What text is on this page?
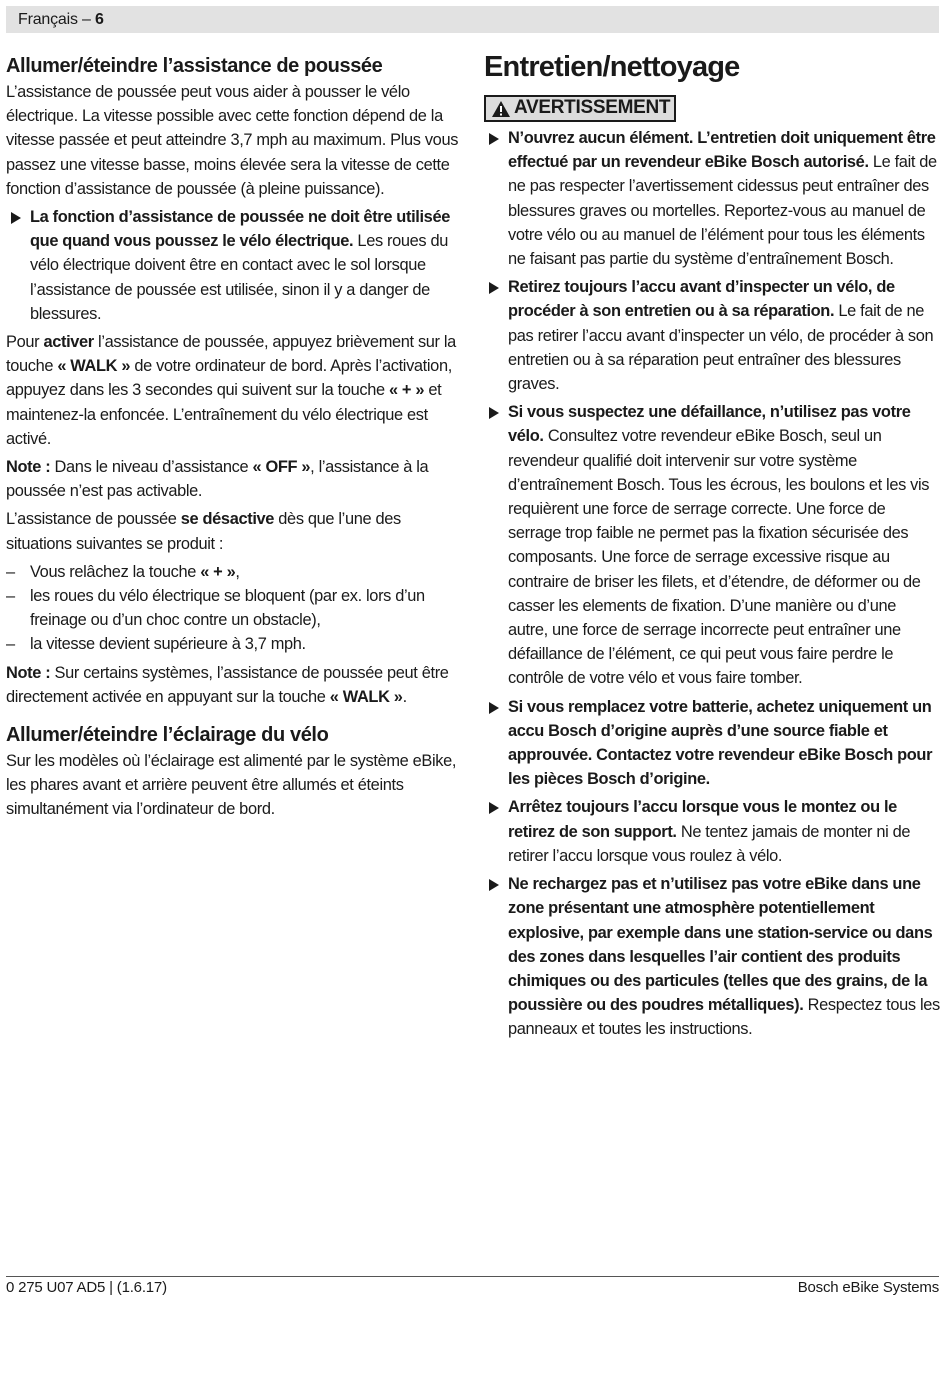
Français – 6
Allumer/éteindre l’assistance de poussée

L’assistance de poussée peut vous aider à pousser le vélo électrique. La vitesse possible avec cette fonction dépend de la vitesse passée et peut atteindre 3,7 mph au maximum. Plus vous passez une vitesse basse, moins élevée sera la vitesse de cette fonction d’assistance de poussée (à pleine puissance).

La fonction d’assistance de poussée ne doit être utilisée que quand vous poussez le vélo électrique. Les roues du vélo électrique doivent être en contact avec le sol lorsque l’assistance de poussée est utilisée, sinon il y a danger de blessures.

Pour activer l’assistance de poussée, appuyez brièvement sur la touche « WALK » de votre ordinateur de bord. Après l’activation, appuyez dans les 3 secondes qui suivent sur la touche « + » et maintenez-la enfoncée. L’entraînement du vélo électrique est activé.

Note : Dans le niveau d’assistance « OFF », l’assistance à la poussée n’est pas activable.

L’assistance de poussée se désactive dès que l’une des situations suivantes se produit :

– Vous relâchez la touche « + »,
– les roues du vélo électrique se bloquent (par ex. lors d’un freinage ou d’un choc contre un obstacle),
– la vitesse devient supérieure à 3,7 mph.

Note : Sur certains systèmes, l’assistance de poussée peut être directement activée en appuyant sur la touche « WALK ».

Allumer/éteindre l’éclairage du vélo

Sur les modèles où l’éclairage est alimenté par le système eBike, les phares avant et arrière peuvent être allumés et éteints simultanément via l’ordinateur de bord.

Entretien/nettoyage
AVERTISSEMENT
N’ouvrez aucun élément. L’entretien doit uniquement être effectué par un revendeur eBike Bosch autorisé. Le fait de ne pas respecter l’avertissement cidessus peut entraîner des blessures graves ou mortelles. Reportez-vous au manuel de votre vélo ou au manuel de l’élément pour tous les éléments ne faisant pas partie du système d’entraînement Bosch.
Retirez toujours l’accu avant d’inspecter un vélo, de procéder à son entretien ou à sa réparation. Le fait de ne pas retirer l’accu avant d’inspecter un vélo, de procéder à son entretien ou à sa réparation peut entraîner des blessures graves.
Si vous suspectez une défaillance, n’utilisez pas votre vélo. Consultez votre revendeur eBike Bosch, seul un revendeur qualifié doit intervenir sur votre système d’entraînement Bosch. Tous les écrous, les boulons et les vis requièrent une force de serrage correcte. Une force de serrage trop faible ne permet pas la fixation sécurisée des composants. Une force de serrage excessive risque au contraire de briser les filets, et d’étendre, de déformer ou de casser les elements de fixation. D’une manière ou d’une autre, une force de serrage incorrecte peut entraîner une défaillance de l’élément, ce qui peut vous faire perdre le contrôle de votre vélo et vous faire tomber.
Si vous remplacez votre batterie, achetez uniquement un accu Bosch d’origine auprès d’une source fiable et approuvée. Contactez votre revendeur eBike Bosch pour les pièces Bosch d’origine.
Arrêtez toujours l’accu lorsque vous le montez ou le retirez de son support. Ne tentez jamais de monter ni de retirer l’accu lorsque vous roulez à vélo.
Ne rechargez pas et n’utilisez pas votre eBike dans une zone présentant une atmosphère potentiellement explosive, par exemple dans une station-service ou dans des zones dans lesquelles l’air contient des produits chimiques ou des particules (telles que des grains, de la poussière ou des poudres métalliques). Respectez tous les panneaux et toutes les instructions.
0 275 U07 AD5 | (1.6.17)	Bosch eBike Systems
